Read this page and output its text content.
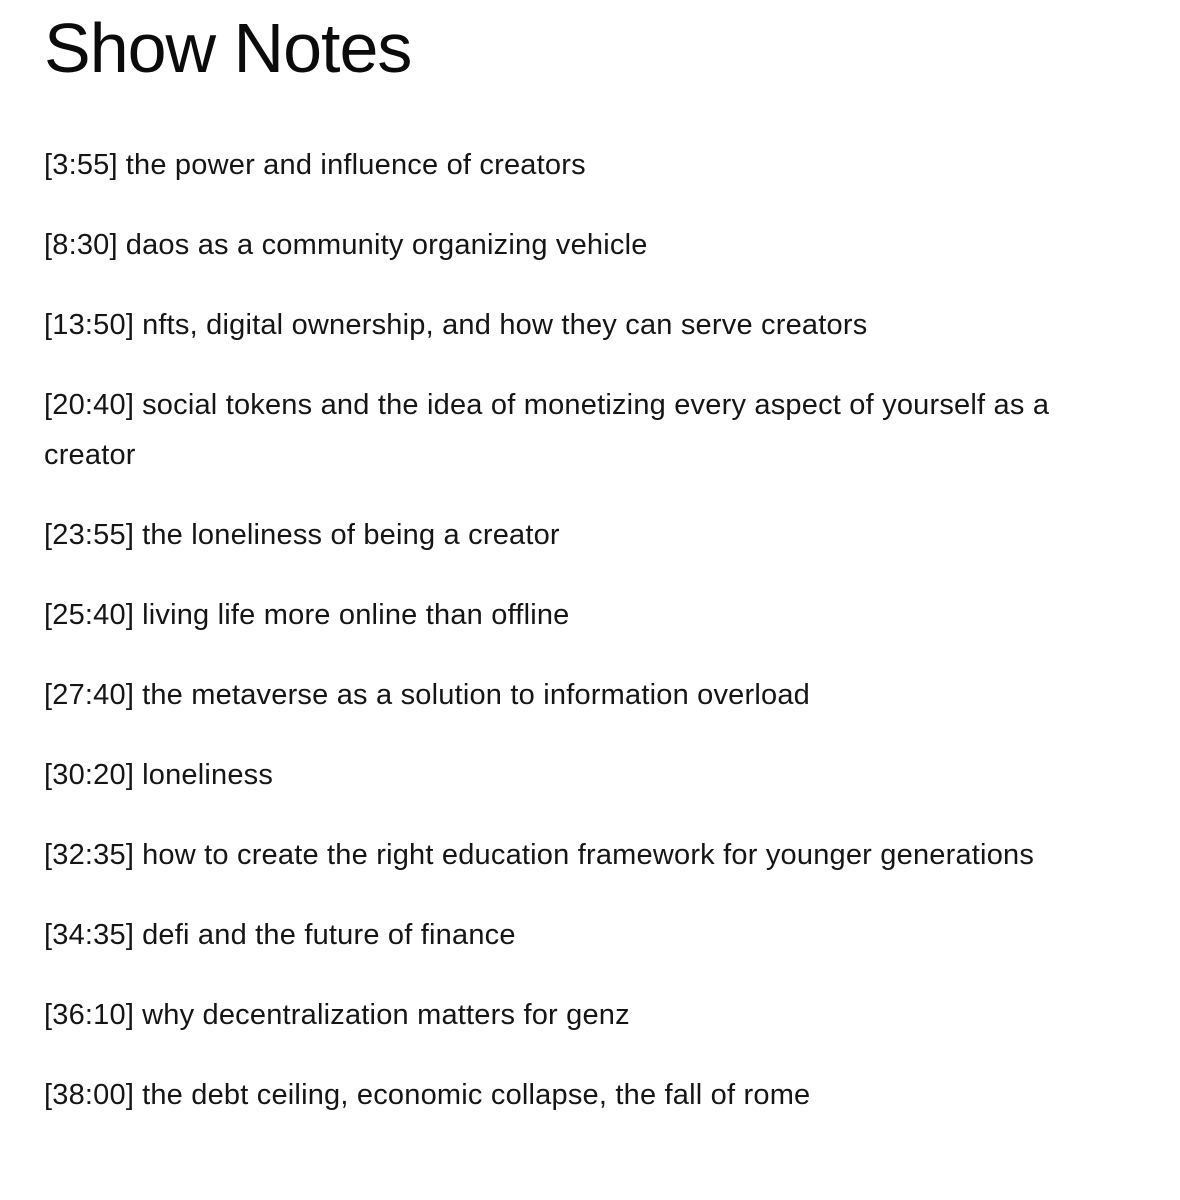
Show Notes
[3:55] the power and influence of creators
[8:30] daos as a community organizing vehicle
[13:50] nfts, digital ownership, and how they can serve creators
[20:40] social tokens and the idea of monetizing every aspect of yourself as a creator
[23:55] the loneliness of being a creator
[25:40] living life more online than offline
[27:40] the metaverse as a solution to information overload
[30:20] loneliness
[32:35] how to create the right education framework for younger generations
[34:35] defi and the future of finance
[36:10] why decentralization matters for genz
[38:00] the debt ceiling, economic collapse, the fall of rome
